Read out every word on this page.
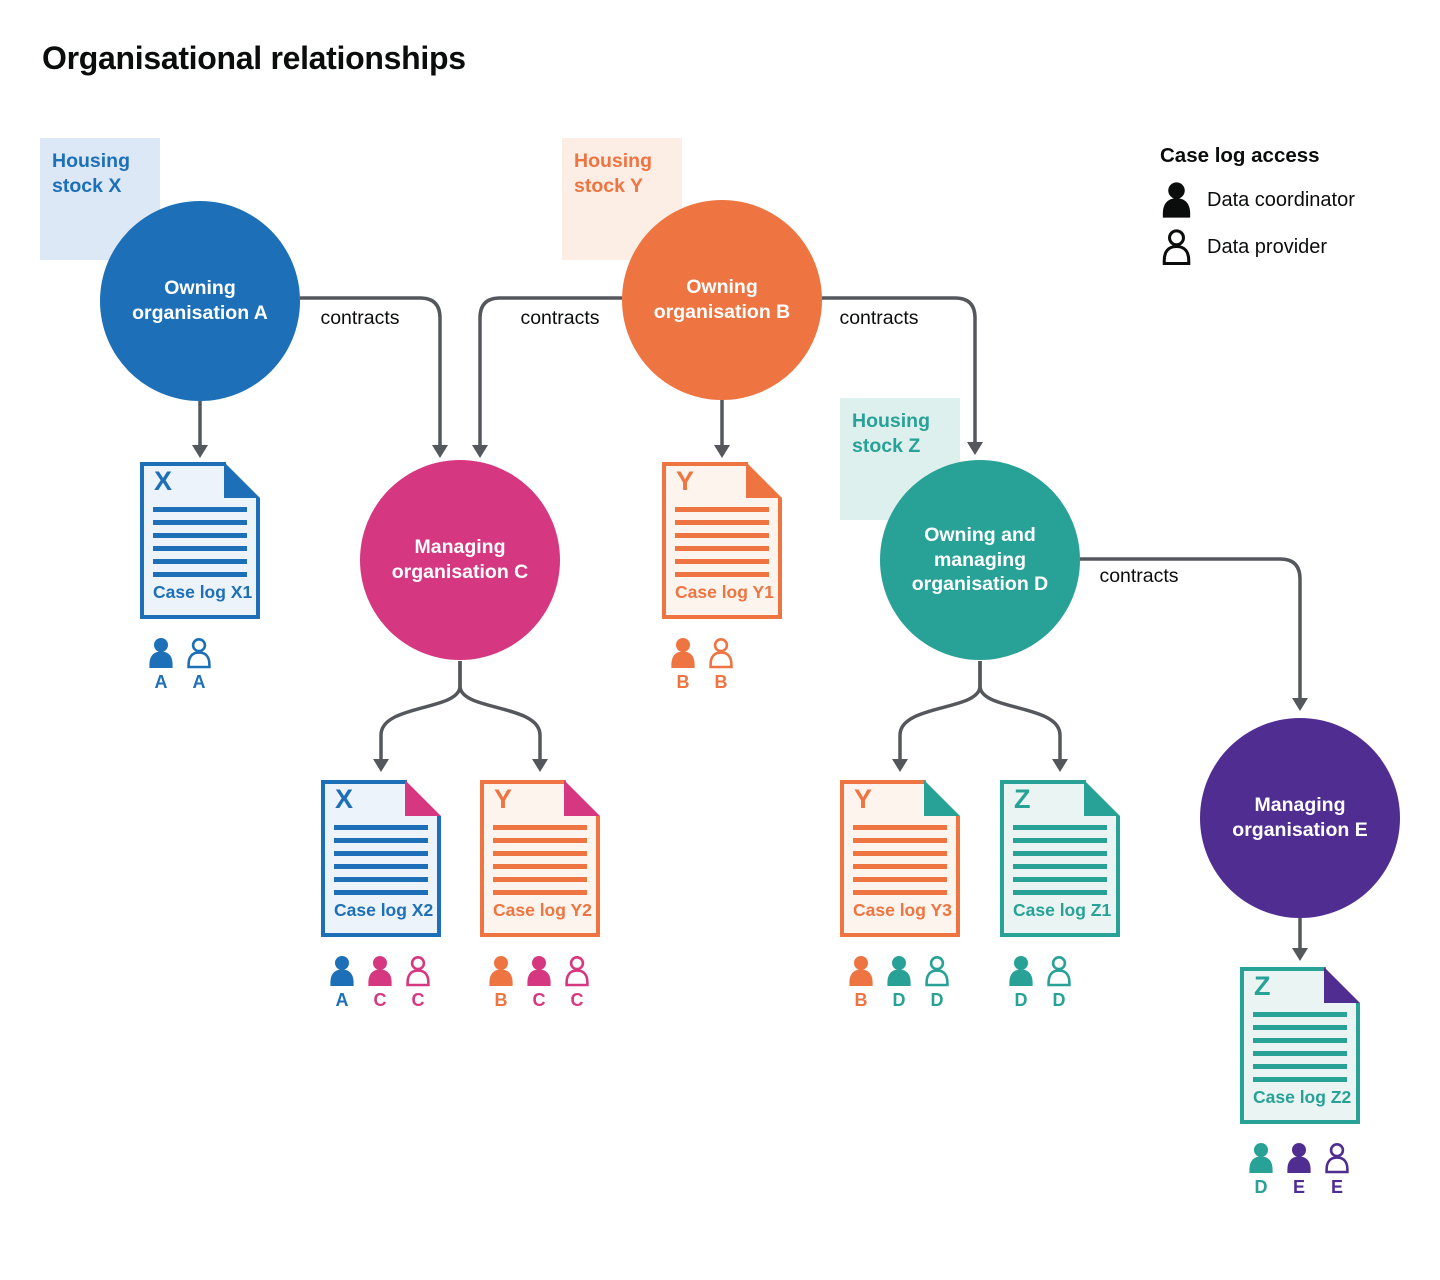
Organisational relationships
Housing stock X
Housing stock Y
Housing stock Z
contracts	contracts	contracts
contracts
Owning organisation A
Owning organisation B
Managing organisation C
Owning and managing organisation D
Managing organisation E
X
Case log X1
Y
Case log Y1
X
Case log X2
Y
Case log Y2
Y
Case log Y3
Z
Case log Z1
Z
Case log Z2
A A	B B
A C C	B C C	B D D	D D
D E E
Case log access
Data coordinator
Data provider
